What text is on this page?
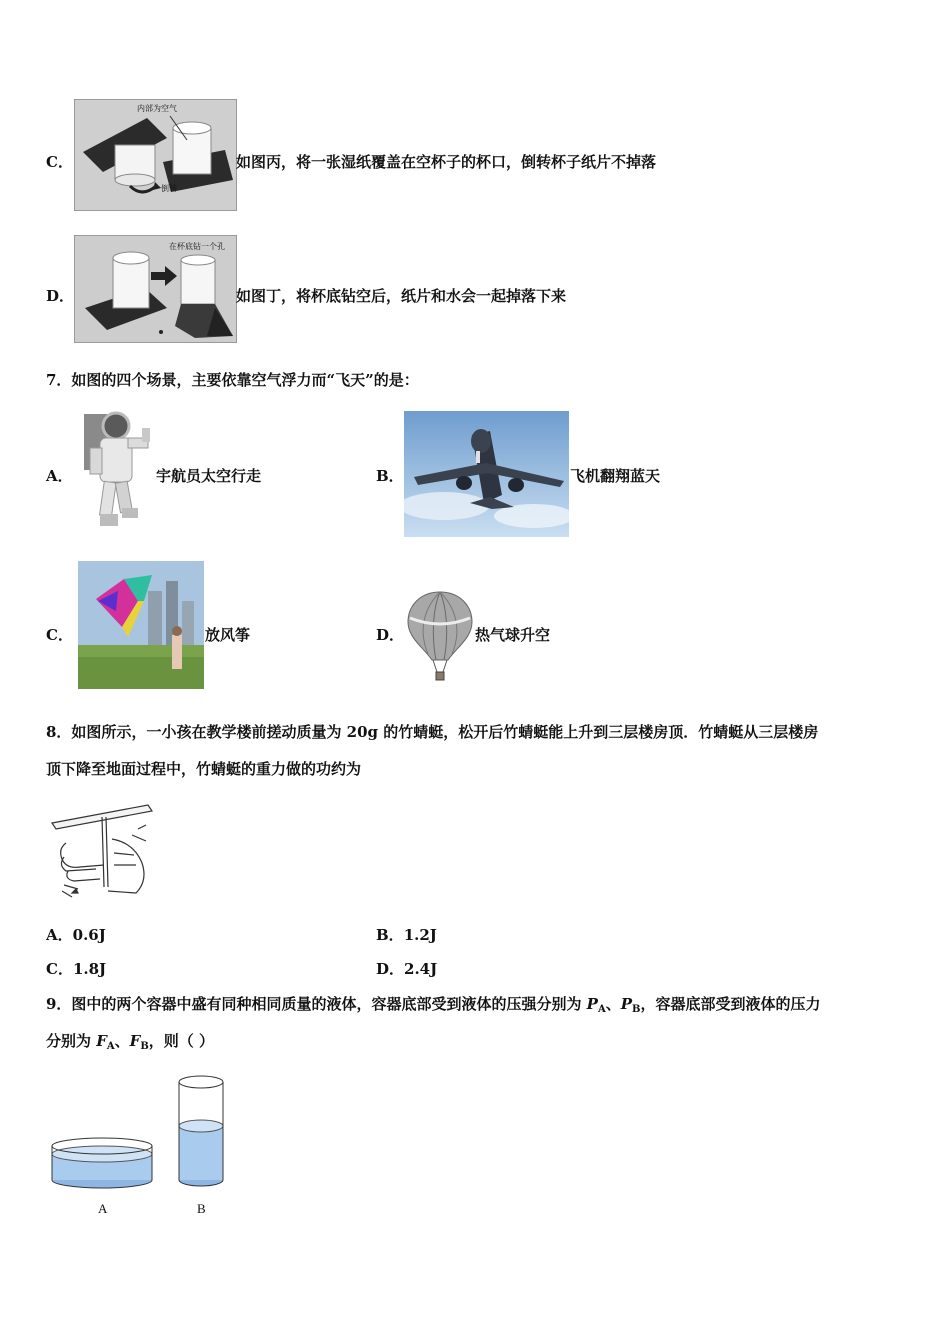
C．
内部为空气
倒转
如图丙，将一张湿纸覆盖在空杯子的杯口，倒转杯子纸片不掉落
D．
在杯底钻一个孔
如图丁，将杯底钻空后，纸片和水会一起掉落下来
7．如图的四个场景，主要依靠空气浮力而“飞天”的是：
A．	宇航员太空行走	B．	飞机翻翔蓝天
C．	放风筝	D．	热气球升空
8．如图所示，一小孩在教学楼前搓动质量为 20g 的竹蜻蜓，松开后竹蜻蜓能上升到三层楼房顶．竹蜻蜓从三层楼房
顶下降至地面过程中，竹蜻蜓的重力做的功约为
A．0.6J	B．1.2J
C．1.8J	D．2.4J
9．图中的两个容器中盛有同种相同质量的液体，容器底部受到液体的压强分别为 $P_A$、$P_B$，容器底部受到液体的压力
分别为 $F_A$、$F_B$，则（ ）
A	B
